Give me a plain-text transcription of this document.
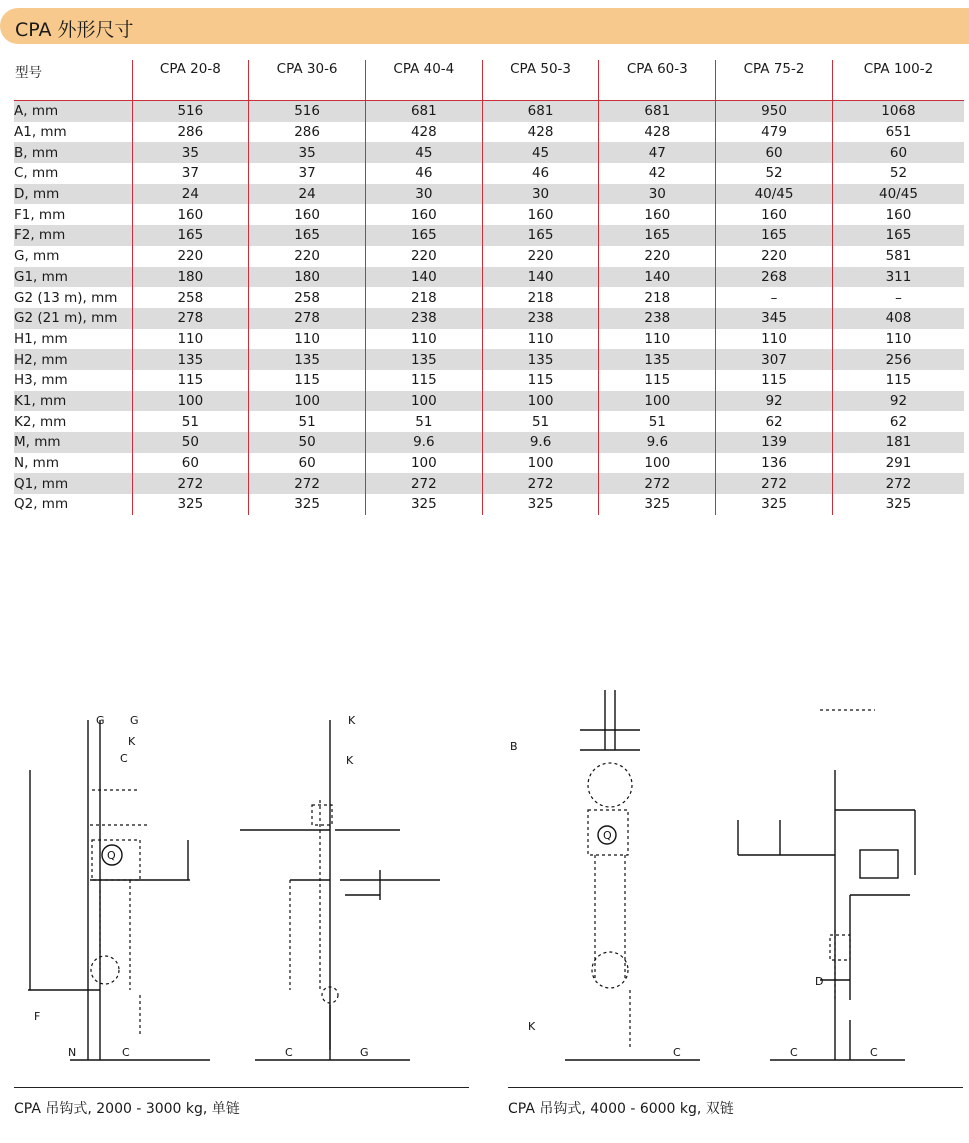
CPA 外形尺寸
型号	CPA 20-8	CPA 30-6	CPA 40-4	CPA 50-3	CPA 60-3	CPA 75-2	CPA 100-2
A, mm	516	516	681	681	681	950	1068
A1, mm	286	286	428	428	428	479	651
B, mm	35	35	45	45	47	60	60
C, mm	37	37	46	46	42	52	52
D, mm	24	24	30	30	30	40/45	40/45
F1, mm	160	160	160	160	160	160	160
F2, mm	165	165	165	165	165	165	165
G, mm	220	220	220	220	220	220	581
G1, mm	180	180	140	140	140	268	311
G2 (13 m), mm	258	258	218	218	218	–	–
G2 (21 m), mm	278	278	238	238	238	345	408
H1, mm	110	110	110	110	110	110	110
H2, mm	135	135	135	135	135	307	256
H3, mm	115	115	115	115	115	115	115
K1, mm	100	100	100	100	100	92	92
K2, mm	51	51	51	51	51	62	62
M, mm	50	50	9.6	9.6	9.6	139	181
N, mm	60	60	100	100	100	136	291
Q1, mm	272	272	272	272	272	272	272
Q2, mm	325	325	325	325	325	325	325
G G
K
C
Q
F
N	C
K
K
C	G
B
Q
K
D
C	C	C
CPA 吊钩式, 2000 - 3000 kg, 单链	CPA 吊钩式, 4000 - 6000 kg, 双链
